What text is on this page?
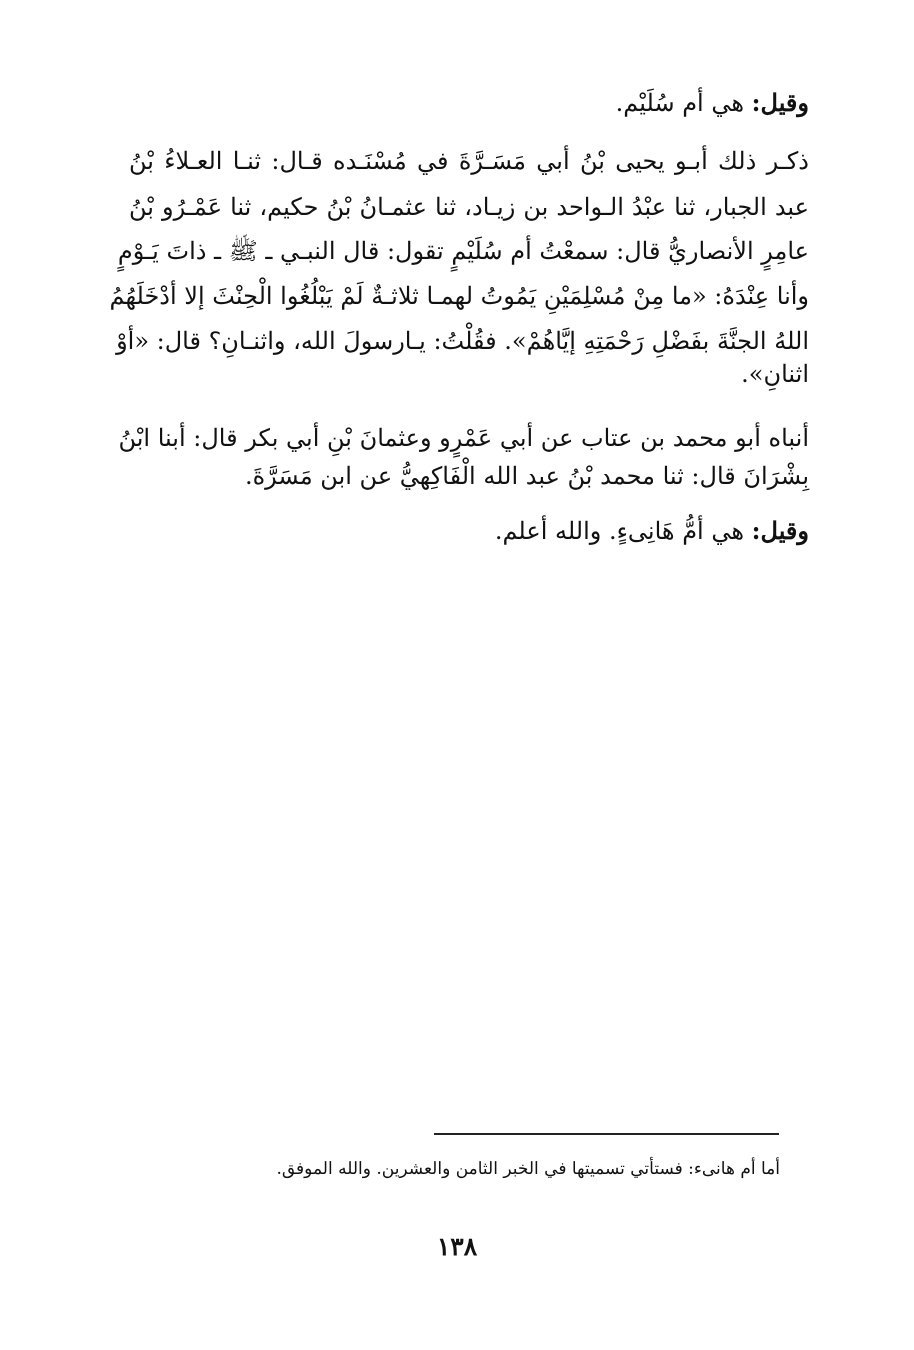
وقيل: هي أم سُلَيْم.
ذكـر ذلك أبـو يحيى بْنُ أبي مَسَـرَّةَ في مُسْنَـده قـال: ثنـا العـلاءُ بْنُ
عبد الجبار، ثنا عبْدُ الـواحد بن زيـاد، ثنا عثمـانُ بْنُ حكيم، ثنا عَمْـرُو بْنُ
عامِرٍ الأنصاريُّ قال: سمعْتُ أم سُلَيْمٍ تقول: قال النبـي ـ ﷺ ـ ذاتَ يَـوْمٍ
وأنا عِنْدَهُ: «ما مِنْ مُسْلِمَيْنِ يَمُوتُ لهمـا ثلاثـةٌ لَمْ يَبْلُغُوا الْحِنْثَ إلا أدْخَلَهُمُ
اللهُ الجنَّةَ بفَضْلِ رَحْمَتِهِ إيَّاهُمْ». فقُلْتُ: يـارسولَ الله، واثنـانِ؟ قال: «أوْ
اثنانِ».
أنباه أبو محمد بن عتاب عن أبي عَمْرٍو وعثمانَ بْنِ أبي بكر قال: أبنا ابْنُ
بِشْرَانَ قال: ثنا محمد بْنُ عبد الله الْفَاكِهيُّ عن ابن مَسَرَّةَ.
وقيل: هي أمُّ هَانِىءٍ. والله أعلم.
أما أم هانىء: فستأتي تسميتها في الخبر الثامن والعشرين. والله الموفق.
١٣٨
